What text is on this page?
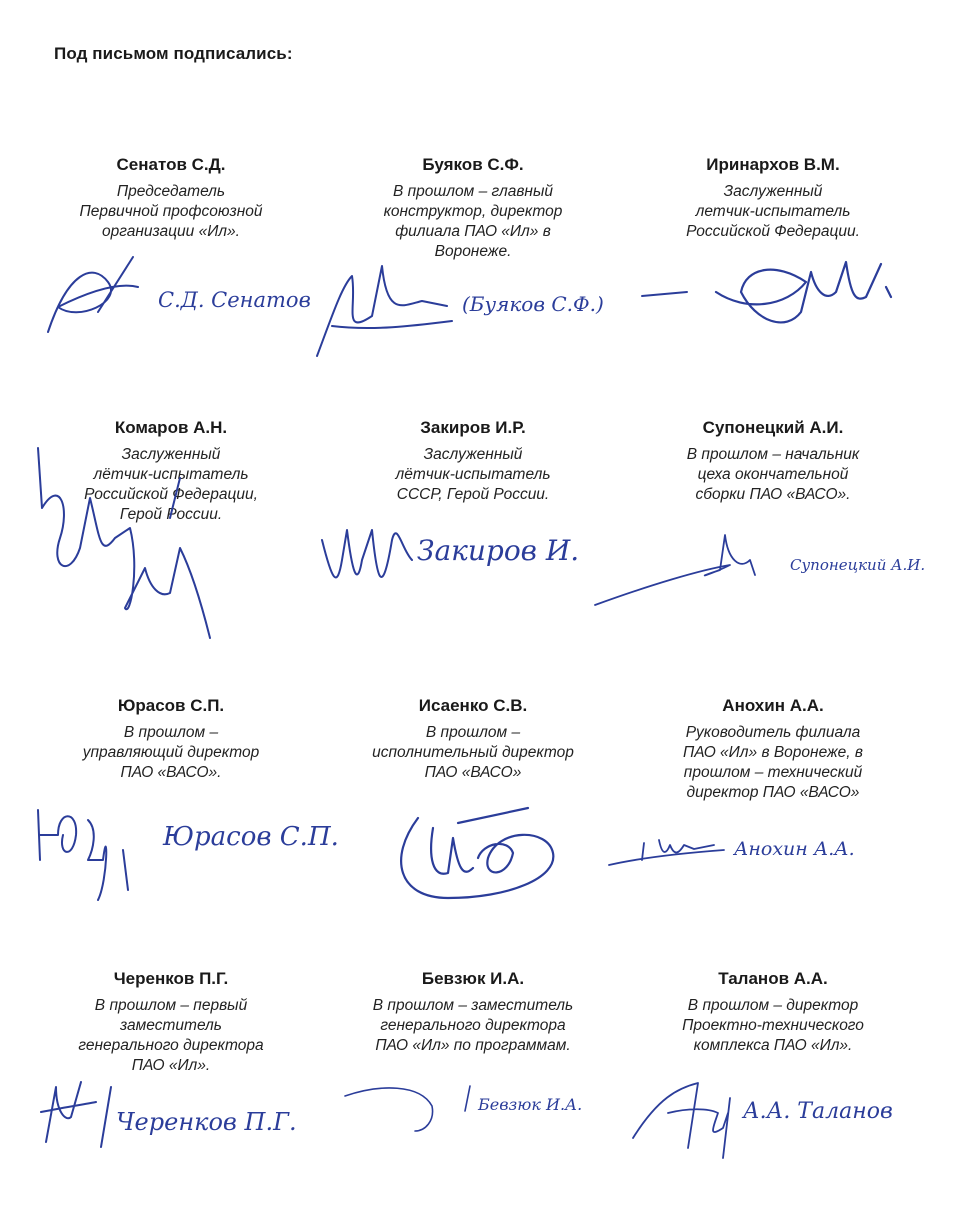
Под письмом подписались:
Сенатов С.Д.
Председатель
Первичной профсоюзной
организации «Ил».
С.Д. Сенатов
Буяков С.Ф.
В прошлом – главный
конструктор, директор
филиала ПАО «Ил» в
Воронеже.
(Буяков С.Ф.)
Иринархов В.М.
Заслуженный
летчик-испытатель
Российской Федерации.
Комаров А.Н.
Заслуженный
лётчик-испытатель
Российской Федерации,
Герой России.
Закиров И.Р.
Заслуженный
лётчик-испытатель
СССР, Герой России.
Закиров И.
Супонецкий А.И.
В прошлом – начальник
цеха окончательной
сборки ПАО «ВАСО».
Супонецкий А.И.
Юрасов С.П.
В прошлом –
управляющий директор
ПАО «ВАСО».
Юрасов С.П.
Исаенко С.В.
В прошлом –
исполнительный директор
ПАО «ВАСО»
Анохин А.А.
Руководитель филиала
ПАО «Ил» в Воронеже, в
прошлом – технический
директор ПАО «ВАСО»
Анохин А.А.
Черенков П.Г.
В прошлом – первый
заместитель
генерального директора
ПАО «Ил».
Черенков П.Г.
Бевзюк И.А.
В прошлом – заместитель
генерального директора
ПАО «Ил» по программам.
Бевзюк И.А.
Таланов А.А.
В прошлом – директор
Проектно-технического
комплекса ПАО «Ил».
А.А. Таланов
